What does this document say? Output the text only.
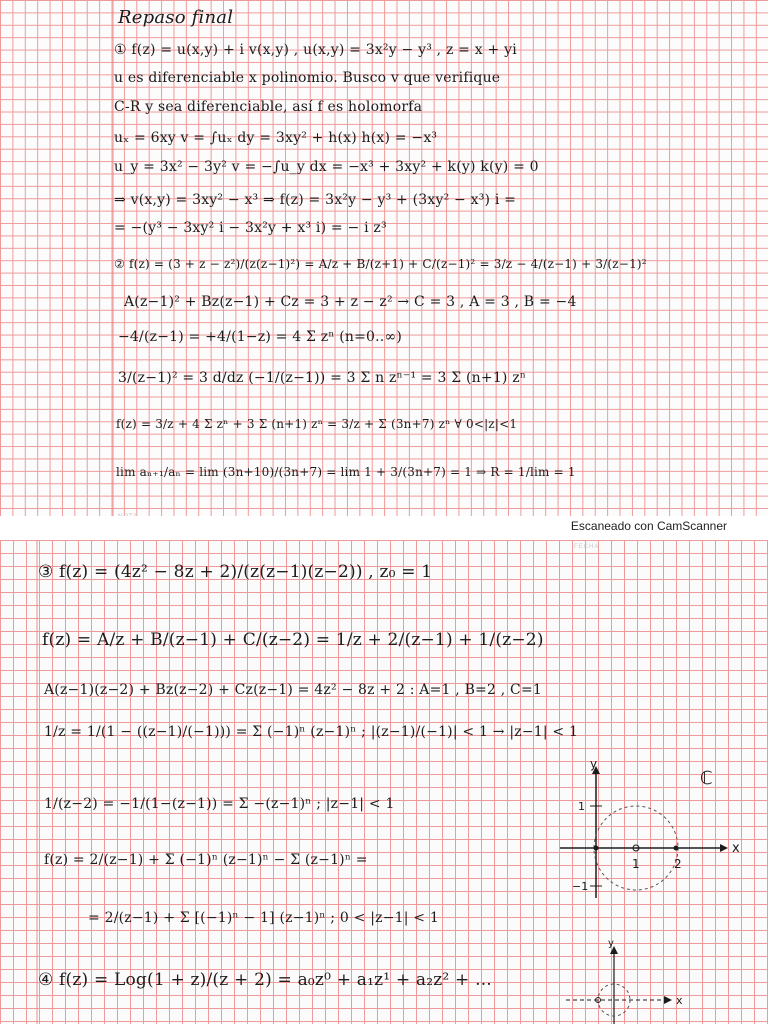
Repaso final
① f(z) = u(x,y) + i v(x,y) , u(x,y) = 3x²y − y³ , z = x + yi
u es diferenciable x polinomio. Busco v que verifique
C-R y sea diferenciable, así f es holomorfa
uₓ = 6xy v = ∫uₓ dy = 3xy² + h(x) h(x) = −x³
u_y = 3x² − 3y² v = −∫u_y dx = −x³ + 3xy² + k(y) k(y) = 0
⇒ v(x,y) = 3xy² − x³ ⇒ f(z) = 3x²y − y³ + (3xy² − x³) i =
= −(y³ − 3xy² i − 3x²y + x³ i) = − i z³
② f(z) = (3 + z − z²)/(z(z−1)²) = A/z + B/(z+1) + C/(z−1)² = 3/z − 4/(z−1) + 3/(z−1)²
A(z−1)² + Bz(z−1) + Cz = 3 + z − z² → C = 3 , A = 3 , B = −4
−4/(z−1) = +4/(1−z) = 4 Σ zⁿ (n=0..∞)
3/(z−1)² = 3 d/dz (−1/(z−1)) = 3 Σ n zⁿ⁻¹ = 3 Σ (n+1) zⁿ
f(z) = 3/z + 4 Σ zⁿ + 3 Σ (n+1) zⁿ = 3/z + Σ (3n+7) zⁿ ∀ 0<|z|<1
lim aₙ₊₁/aₙ = lim (3n+10)/(3n+7) = lim 1 + 3/(3n+7) = 1 ⇒ R = 1/lim = 1
Escaneado con CamScanner
FECHA
③ f(z) = (4z² − 8z + 2)/(z(z−1)(z−2)) , z₀ = 1
f(z) = A/z + B/(z−1) + C/(z−2) = 1/z + 2/(z−1) + 1/(z−2)
A(z−1)(z−2) + Bz(z−2) + Cz(z−1) = 4z² − 8z + 2 : A=1 , B=2 , C=1
1/z = 1/(1 − ((z−1)/(−1))) = Σ (−1)ⁿ (z−1)ⁿ ; |(z−1)/(−1)| < 1 → |z−1| < 1
1/(z−2) = −1/(1−(z−1)) = Σ −(z−1)ⁿ ; |z−1| < 1
f(z) = 2/(z−1) + Σ (−1)ⁿ (z−1)ⁿ − Σ (z−1)ⁿ =
= 2/(z−1) + Σ [(−1)ⁿ − 1] (z−1)ⁿ ; 0 < |z−1| < 1
④ f(z) = Log(1 + z)/(z + 2) = a₀z⁰ + a₁z¹ + a₂z² + ...
x
y
ℂ
1	2
1
−1
x
y
